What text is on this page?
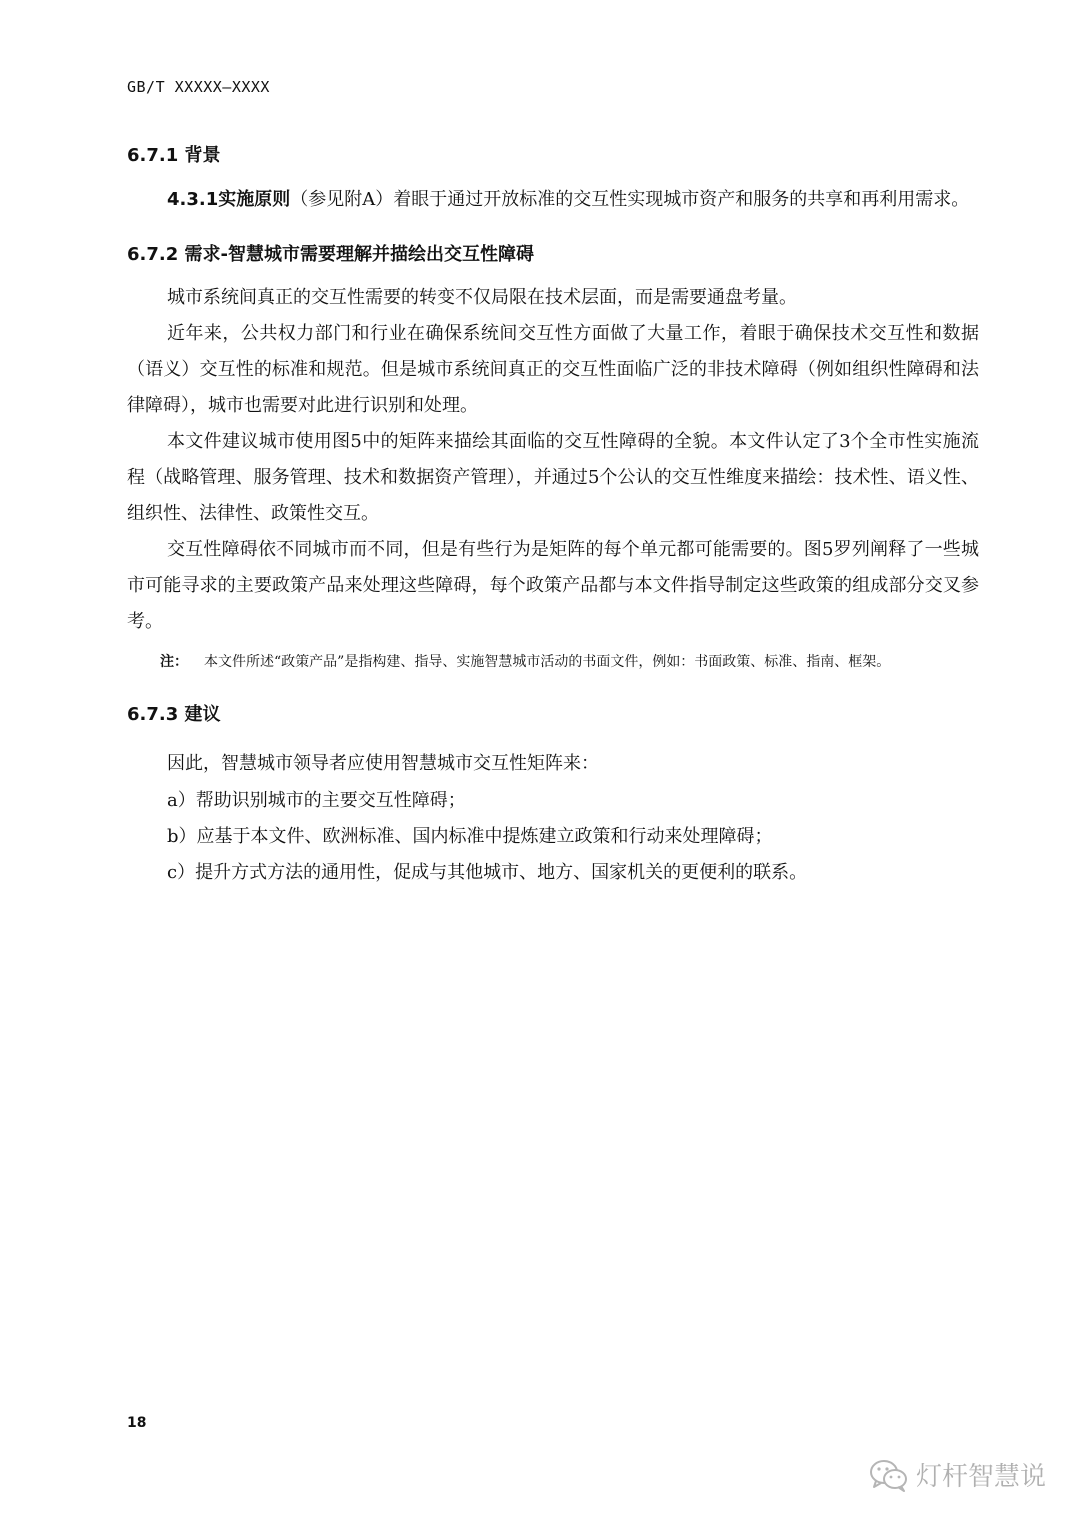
GB/T XXXXX—XXXX
6.7.1 背景
4.3.1实施原则（参见附A）着眼于通过开放标准的交互性实现城市资产和服务的共享和再利用需求。
6.7.2 需求-智慧城市需要理解并描绘出交互性障碍
城市系统间真正的交互性需要的转变不仅局限在技术层面，而是需要通盘考量。
近年来，公共权力部门和行业在确保系统间交互性方面做了大量工作，着眼于确保技术交互性和数据（语义）交互性的标准和规范。但是城市系统间真正的交互性面临广泛的非技术障碍（例如组织性障碍和法律障碍），城市也需要对此进行识别和处理。
本文件建议城市使用图5中的矩阵来描绘其面临的交互性障碍的全貌。本文件认定了3个全市性实施流程（战略管理、服务管理、技术和数据资产管理），并通过5个公认的交互性维度来描绘：技术性、语义性、组织性、法律性、政策性交互。
交互性障碍依不同城市而不同，但是有些行为是矩阵的每个单元都可能需要的。图5罗列阐释了一些城市可能寻求的主要政策产品来处理这些障碍，每个政策产品都与本文件指导制定这些政策的组成部分交叉参考。
注： 本文件所述“政策产品”是指构建、指导、实施智慧城市活动的书面文件，例如：书面政策、标准、指南、框架。
6.7.3 建议
因此，智慧城市领导者应使用智慧城市交互性矩阵来：
a）帮助识别城市的主要交互性障碍；
b）应基于本文件、欧洲标准、国内标准中提炼建立政策和行动来处理障碍；
c）提升方式方法的通用性，促成与其他城市、地方、国家机关的更便利的联系。
18
灯杆智慧说
